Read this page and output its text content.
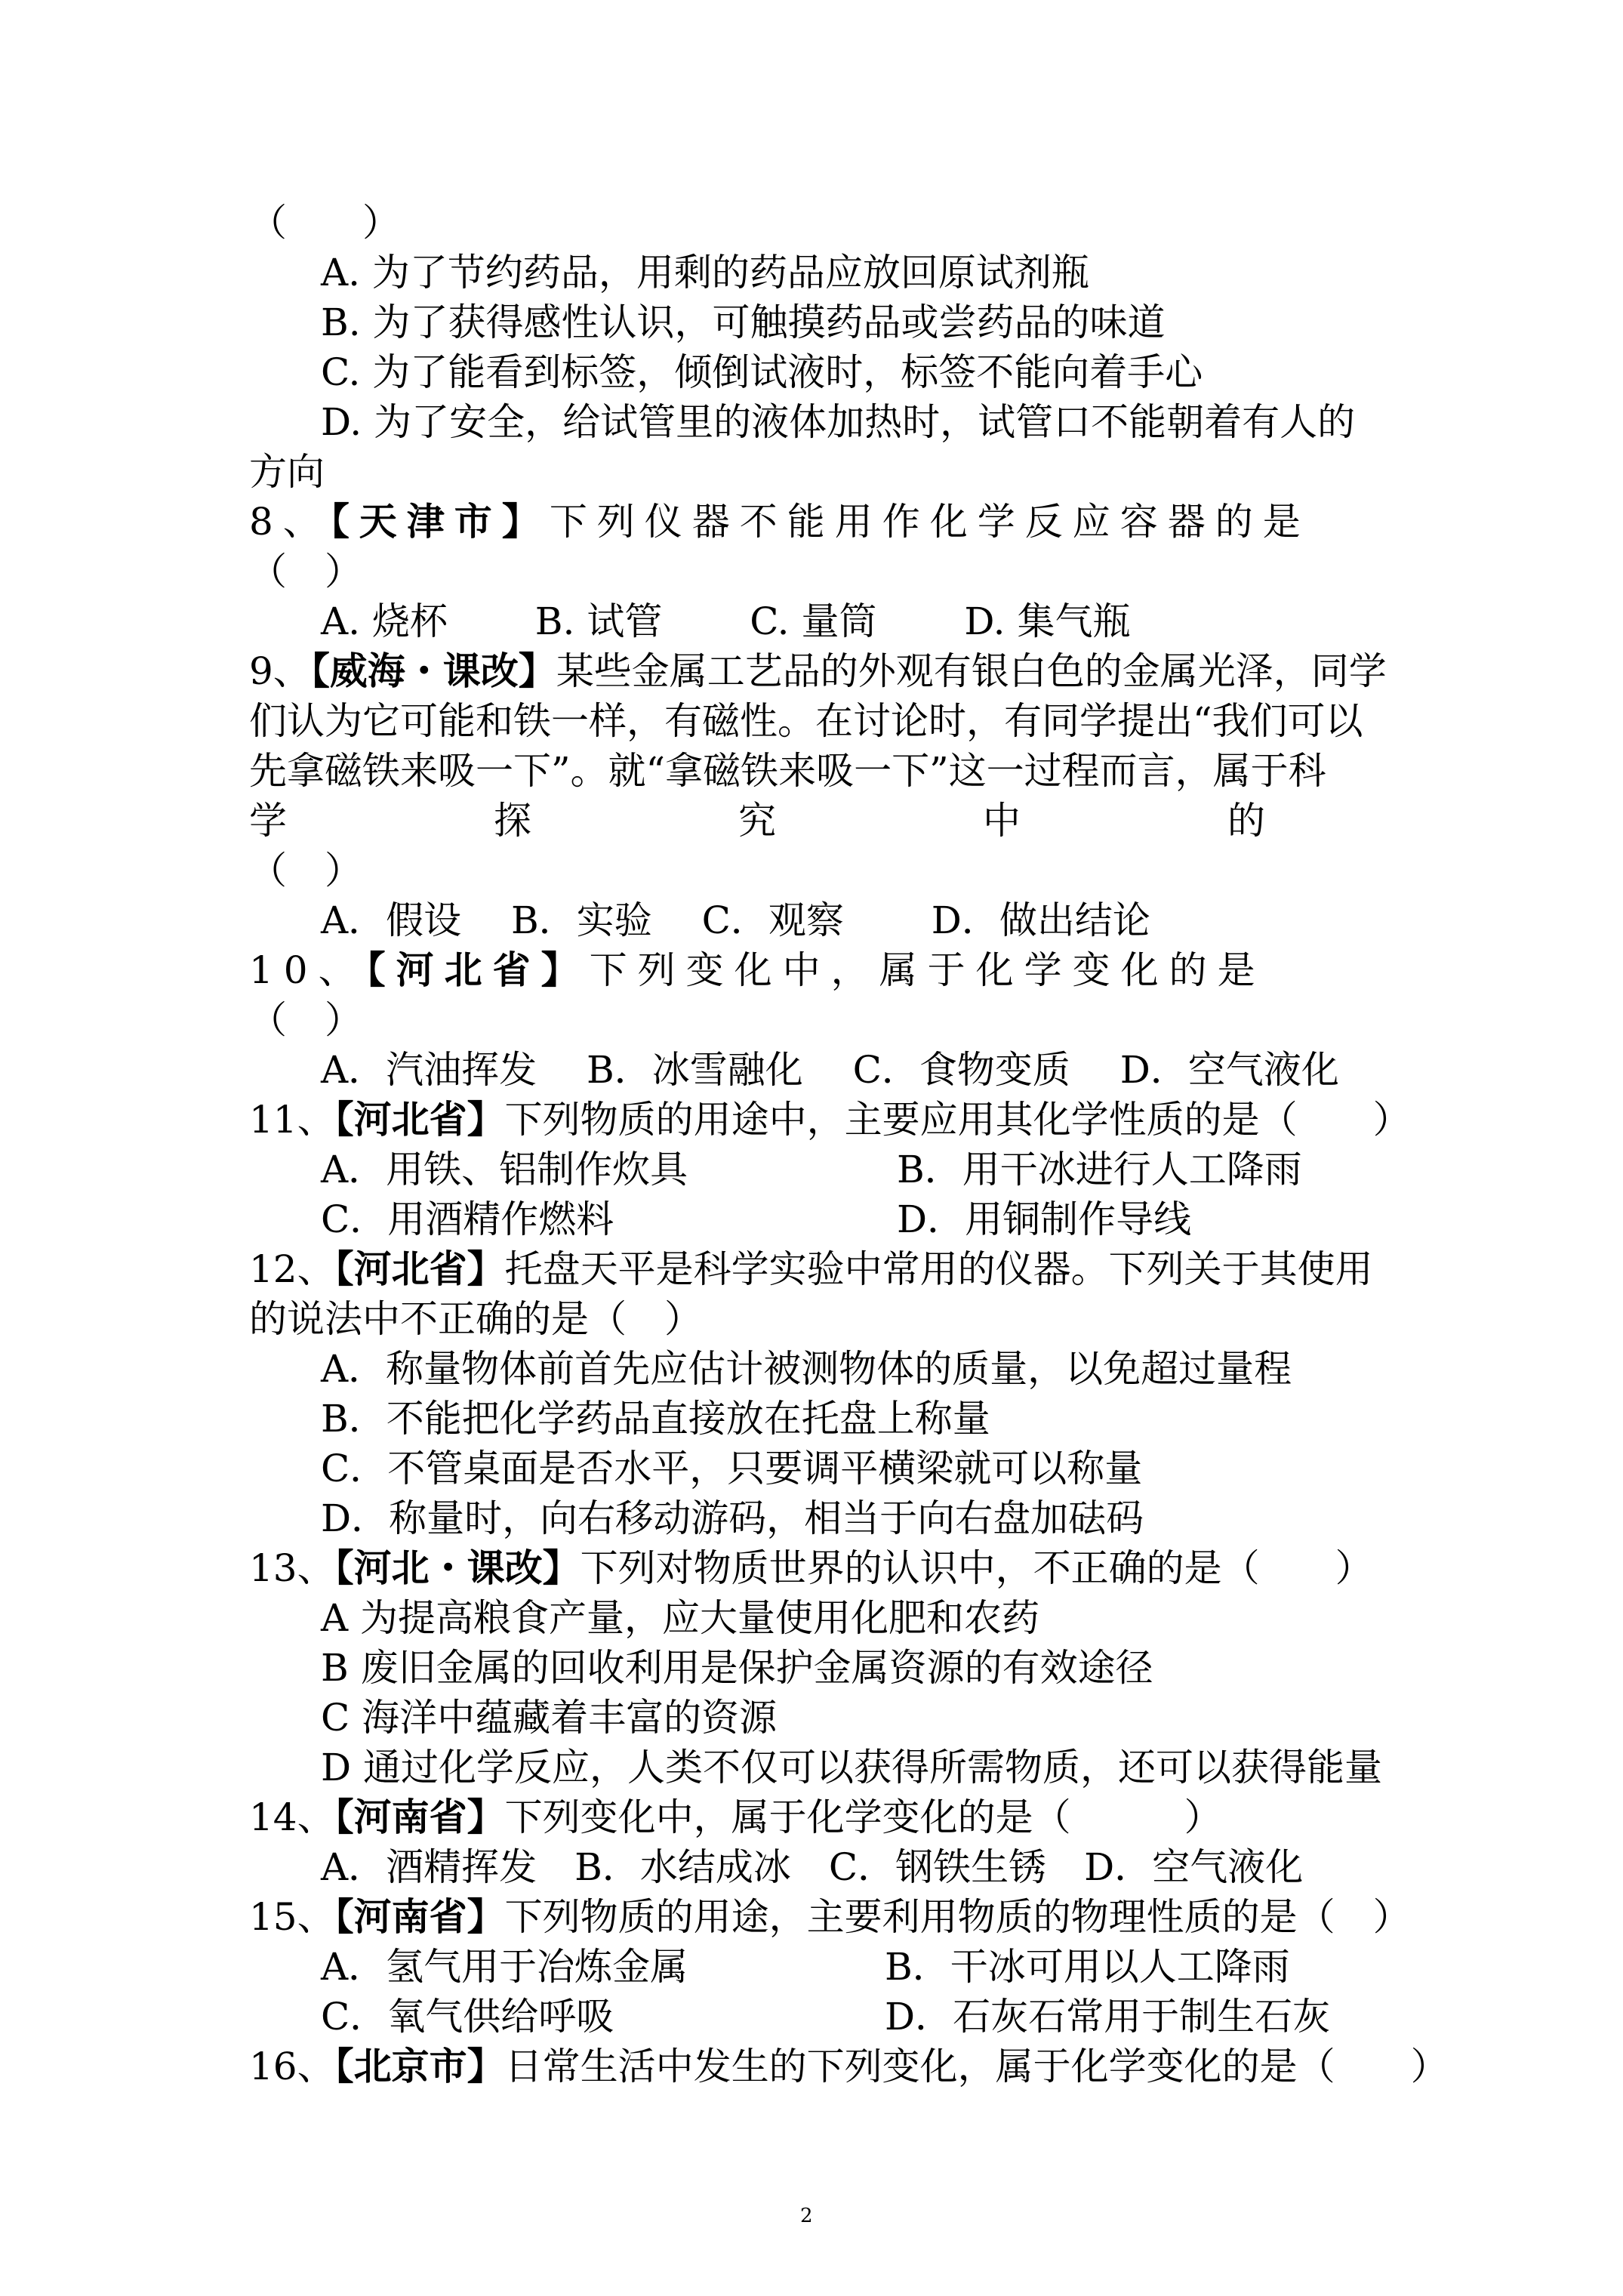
（　　）
A. 为了节约药品，用剩的药品应放回原试剂瓶
B. 为了获得感性认识，可触摸药品或尝药品的味道
C. 为了能看到标签，倾倒试液时，标签不能向着手心
D. 为了安全，给试管里的液体加热时，试管口不能朝着有人的
方向
8、【天津市】下列仪器不能用作化学反应容器的是
（　）
A. 烧杯　　 B. 试管　　 C. 量筒　　 D. 集气瓶
9、【威海・课改】某些金属工艺品的外观有银白色的金属光泽，同学
们认为它可能和铁一样，有磁性。在讨论时，有同学提出“我们可以
先拿磁铁来吸一下”。就“拿磁铁来吸一下”这一过程而言，属于科
学　　　　　探　　　　　究　　　　　中　　　　　的
（　）
A．假设　 B．实验　 C．观察　　 D．做出结论
10、【河北省】下列变化中，属于化学变化的是
（　）
A．汽油挥发　 B．冰雪融化　 C．食物变质　 D．空气液化
11、【河北省】下列物质的用途中，主要应用其化学性质的是（　　）
A．用铁、铝制作炊具	B．用干冰进行人工降雨
C．用酒精作燃料	D．用铜制作导线
12、【河北省】托盘天平是科学实验中常用的仪器。下列关于其使用
的说法中不正确的是（　）
A．称量物体前首先应估计被测物体的质量，以免超过量程
B．不能把化学药品直接放在托盘上称量
C．不管桌面是否水平，只要调平横梁就可以称量
D．称量时，向右移动游码，相当于向右盘加砝码
13、【河北・课改】下列对物质世界的认识中，不正确的是（　　）
A 为提高粮食产量，应大量使用化肥和农药
B 废旧金属的回收利用是保护金属资源的有效途径
C 海洋中蕴藏着丰富的资源
D 通过化学反应，人类不仅可以获得所需物质，还可以获得能量
14、【河南省】下列变化中，属于化学变化的是（　　　）
A．酒精挥发　B．水结成冰　C．钢铁生锈　D．空气液化
15、【河南省】下列物质的用途，主要利用物质的物理性质的是（　）
A．氢气用于冶炼金属	B．干冰可用以人工降雨
C．氧气供给呼吸	D．石灰石常用于制生石灰
16、【北京市】日常生活中发生的下列变化，属于化学变化的是（　　）
2
